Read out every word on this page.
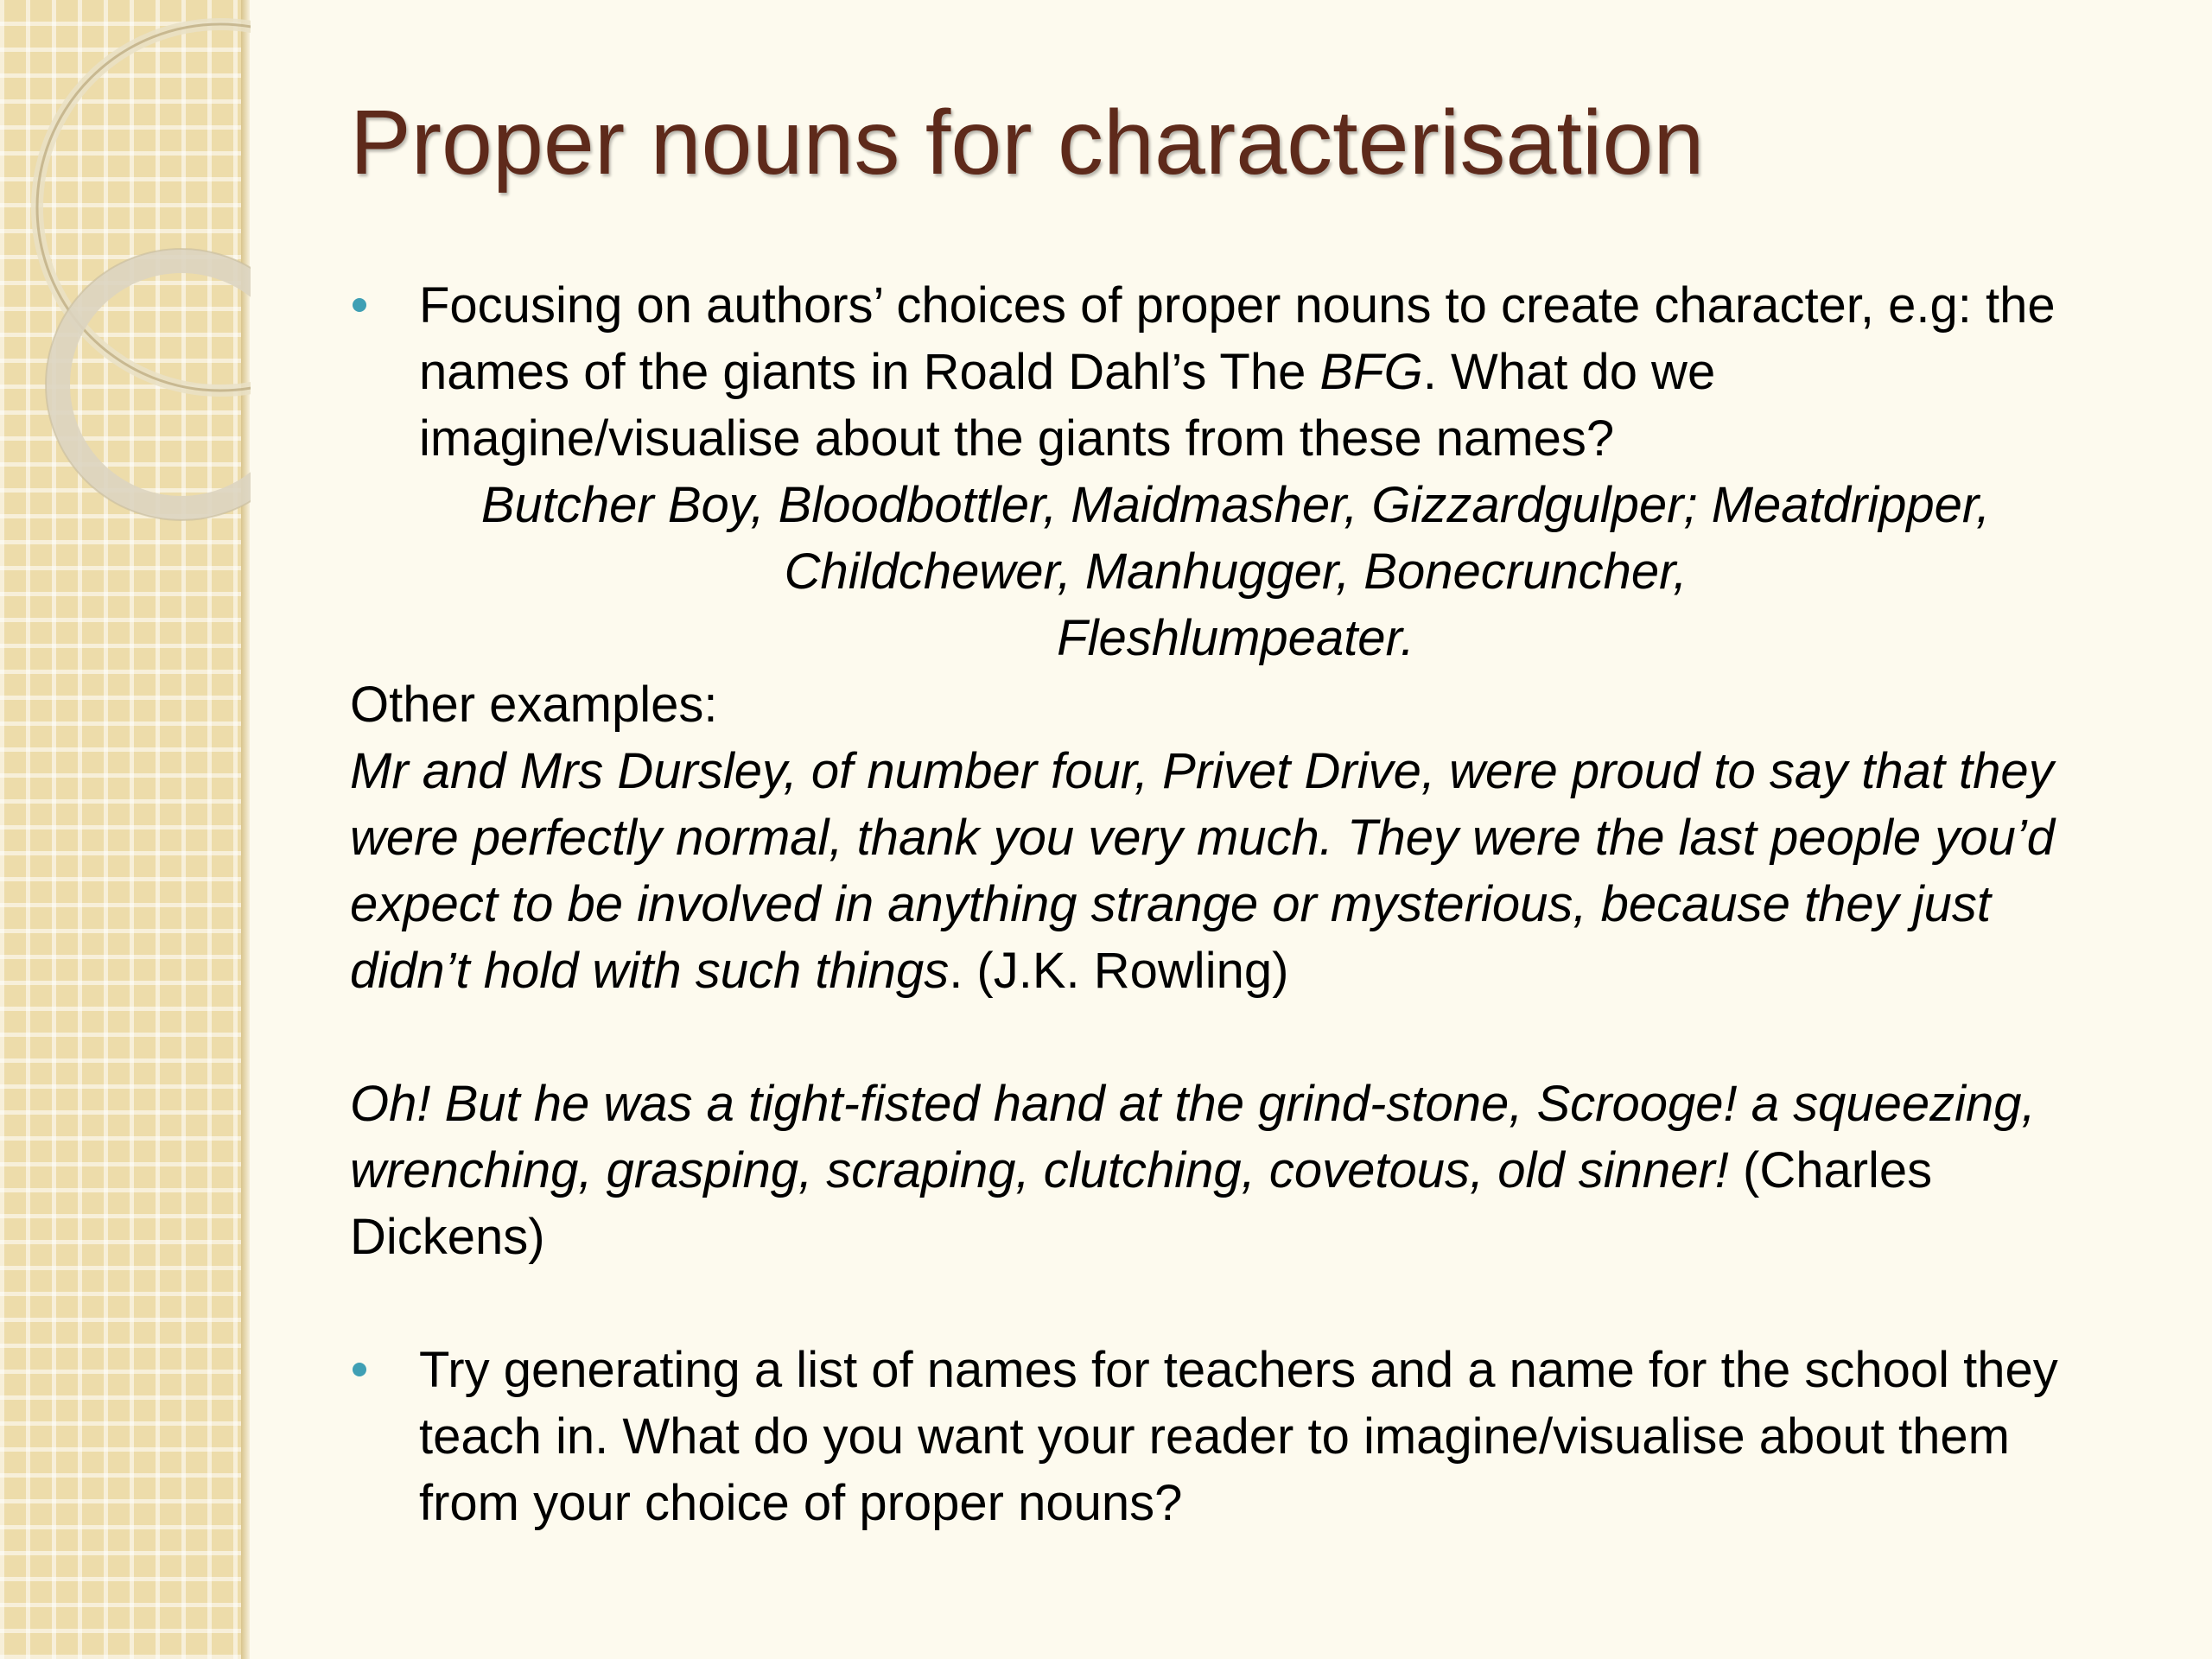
Proper nouns for characterisation
Focusing on authors’ choices of proper nouns to create character, e.g: the names of the giants in Roald Dahl’s The BFG. What do we imagine/visualise about the giants from these names?
Butcher Boy, Bloodbottler, Maidmasher, Gizzardgulper; Meatdripper,
Childchewer, Manhugger, Bonecruncher,
Fleshlumpeater.

Other examples:

Mr and Mrs Dursley, of number four, Privet Drive, were proud to say that they were perfectly normal, thank you very much. They were the last people you’d expect to be involved in anything strange or mysterious, because they just didn’t hold with such things. (J.K. Rowling)

Oh! But he was a tight-fisted hand at the grind-stone, Scrooge! a squeezing, wrenching, grasping, scraping, clutching, covetous, old sinner! (Charles Dickens)

Try generating a list of names for teachers and a name for the school they teach in. What do you want your reader to imagine/visualise about them from your choice of proper nouns?
